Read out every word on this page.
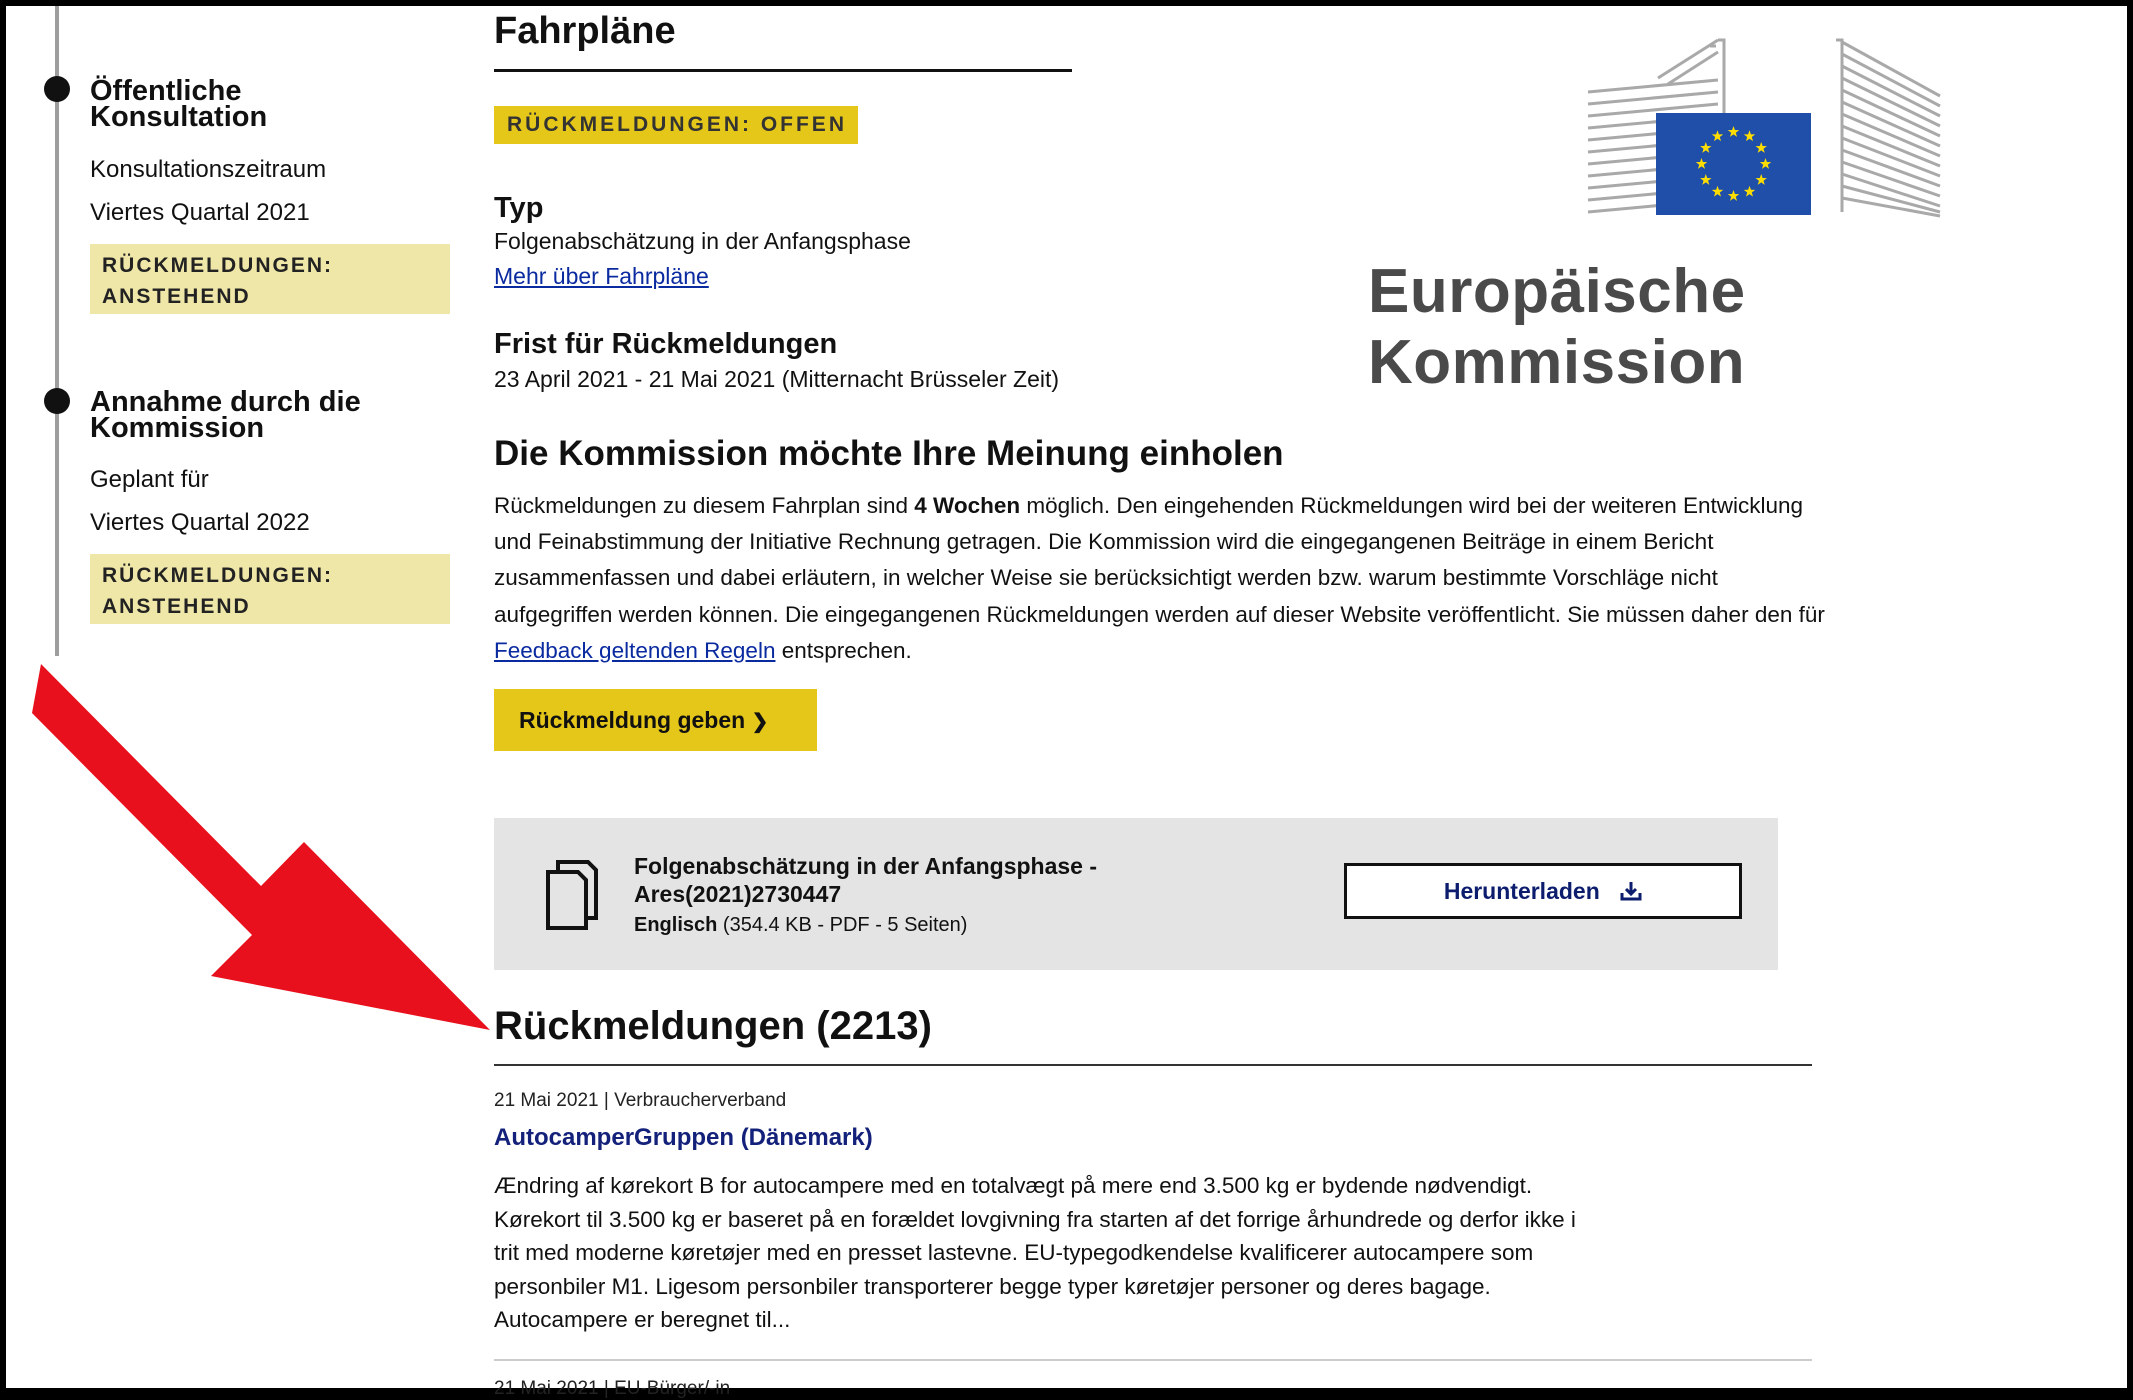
Öffentliche
Konsultation
Konsultationszeitraum
Viertes Quartal 2021
RÜCKMELDUNGEN:
ANSTEHEND
Annahme durch die
Kommission
Geplant für
Viertes Quartal 2022
RÜCKMELDUNGEN:
ANSTEHEND
Fahrpläne
RÜCKMELDUNGEN: OFFEN
Typ
Folgenabschätzung in der Anfangsphase
Mehr über Fahrpläne
Frist für Rückmeldungen
23 April 2021 - 21 Mai 2021 (Mitternacht Brüsseler Zeit)
Die Kommission möchte Ihre Meinung einholen
Rückmeldungen zu diesem Fahrplan sind 4 Wochen möglich. Den eingehenden Rückmeldungen wird bei der weiteren Entwicklung und Feinabstimmung der Initiative Rechnung getragen. Die Kommission wird die eingegangenen Beiträge in einem Bericht zusammenfassen und dabei erläutern, in welcher Weise sie berücksichtigt werden bzw. warum bestimmte Vorschläge nicht aufgegriffen werden können. Die eingegangenen Rückmeldungen werden auf dieser Website veröffentlicht. Sie müssen daher den für Feedback geltenden Regeln entsprechen.
Rückmeldung geben ❯
Folgenabschätzung in der Anfangsphase - Ares(2021)2730447
Englisch (354.4 KB - PDF - 5 Seiten)
Herunterladen
Rückmeldungen (2213)
21 Mai 2021 | Verbraucherverband
AutocamperGruppen (Dänemark)
Ændring af kørekort B for autocampere med en totalvægt på mere end 3.500 kg er bydende nødvendigt. Kørekort til 3.500 kg er baseret på en forældet lovgivning fra starten af det forrige århundrede og derfor ikke i trit med moderne køretøjer med en presset lastevne. EU-typegodkendelse kvalificerer autocampere som personbiler M1. Ligesom personbiler transporterer begge typer køretøjer personer og deres bagage. Autocampere er beregnet til...
21 Mai 2021 | EU-Bürger/-in
Europäische Kommission
